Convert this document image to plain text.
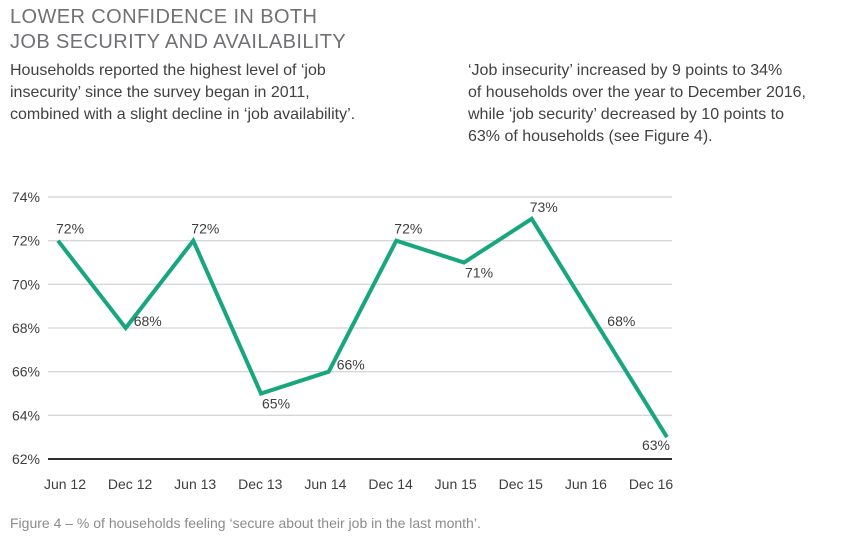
LOWER CONFIDENCE IN BOTH
JOB SECURITY AND AVAILABILITY

Households reported the highest level of ‘job
insecurity’ since the survey began in 2011,
combined with a slight decline in ‘job availability’.

‘Job insecurity’ increased by 9 points to 34%
of households over the year to December 2016,
while ‘job security’ decreased by 10 points to
63% of households (see Figure 4).

74%
72%
70%
68%
66%
64%
62%
Jun 12 Dec 12 Jun 13 Dec 13 Jun 14 Dec 14 Jun 15 Dec 15 Jun 16 Dec 16
72%
68%
72%
65%
66%
72%
71%
73%
68%
63%

Figure 4 – % of households feeling ‘secure about their job in the last month’.
